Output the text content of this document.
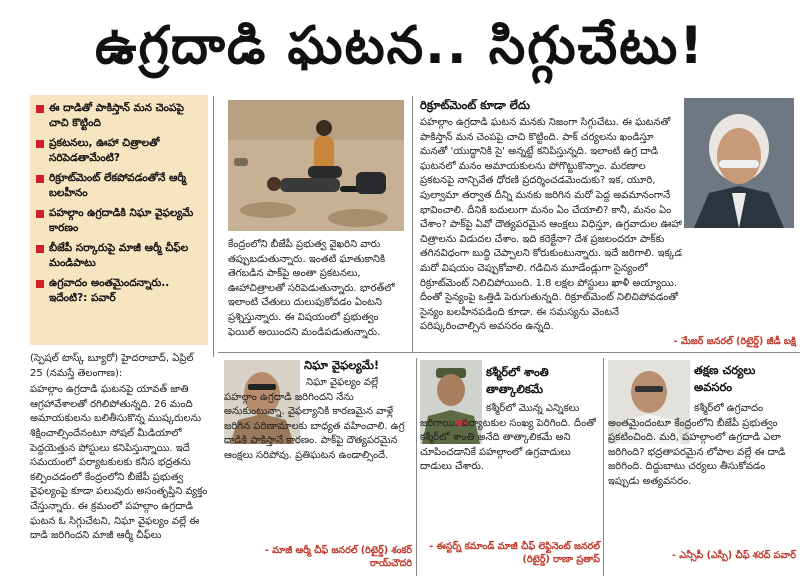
ఉగ్రదాడి ఘటన.. సిగ్గుచేటు!
ఈ దాడితో పాకిస్తాన్ మన చెంపపై చాచి కొట్టింది
ప్రకటనలు, ఊహా చిత్రాలతో సరిపెడతామేంటి?
రిక్రూట్‌మెంట్ లేకపోవడంతోనే ఆర్మీ బలహీనం
పహల్గాం ఉగ్రదాడికి నిఘా వైఫల్యమే కారణం
బీజేపీ సర్కారుపై మాజీ ఆర్మీ చీఫ్‌ల మండిపాటు
ఉగ్రవాదం అంతమైందన్నారు.. ఇదేంటి?: పవార్
(స్పెషల్ టాస్క్ బ్యూరో) హైదరాబాద్, ఏప్రిల్ 25 (నమస్తే తెలంగాణ):
పహల్గాం ఉగ్రదాడి ఘటనపై యావత్ జాతి ఆగ్రహావేశాలతో రగిలిపోతున్నది. 26 మంది అమాయకులను బలితీసుకొన్న ముష్కరులను శిక్షించాల్సిందేనంటూ సోషల్ మీడియాలో పెద్దయెత్తున పోస్టులు కనిపిస్తున్నాయి. ఇదే సమయంలో పర్యాటకులకు కనీస భద్రతను కల్పించడంలో కేంద్రంలోని బీజేపీ ప్రభుత్వ వైఫల్యంపై కూడా పలువురు అసంతృప్తిని వ్యక్తం చేస్తున్నారు. ఈ క్రమంలో పహల్గాం ఉగ్రదాడి ఘటన ఓ సిగ్గుచేటని, నిఘా వైఫల్యం వల్లే ఈ దాడి జరిగిందని మాజీ ఆర్మీ చీఫ్‌లు
కేంద్రంలోని బీజేపీ ప్రభుత్వ వైఖరిని వారు తప్పుబడుతున్నారు. ఇంతటి ఘాతుకానికి తెగబడిన పాక్‌పై అంతా ప్రకటనలు, ఊహాచిత్రాలతో సరిపెడుతున్నారు. భారత్‌లో ఇలాంటి చేతులు దులుపుకోవడం ఏంటని ప్రశ్నిస్తున్నారు. ఈ విషయంలో ప్రభుత్వం ఫెయిల్ అయిందని మండిపడుతున్నారు.
రిక్రూట్‌మెంట్ కూడా లేదు
పహల్గాం ఉగ్రదాడి ఘటన మనకు నిజంగా సిగ్గుచేటు. ఈ ఘటనతో పాకిస్తాన్ మన చెంపపై చాచి కొట్టింది. పాక్ చర్యలను ఖండిస్తూ మనతో 'యుద్ధానికి సై' అన్నట్టే కనిపిస్తున్నది. ఇలాంటి ఉగ్ర దాడి ఘటనలో మనం అమాయకులను పోగొట్టుకొన్నాం. మరణాల ప్రకటనపై నాన్చివేత ధోరణి ప్రదర్శించడమెందుకు? ఇక, యూరి, పుల్వామా తర్వాత దీన్ని మనకు జరిగిన మరో పెద్ద అవమానంగానే భావించాలి. దీనికి బదులుగా మనం ఏం చేయాలి? కానీ, మనం ఏం చేశాం? పాక్‌పై ఏవో దౌత్యపరమైన ఆంక్షలు విధిస్తూ, ఉగ్రవాదుల ఊహా చిత్రాలను విడుదల చేశాం. ఇది కరెక్టేనా? దేశ ప్రజలందరూ పాక్‌కు తగినవిధంగా బుద్ధి చెప్పాలని కోరుకుంటున్నారు. ఇదే జరిగాలి. ఇక్కడ మరో విషయం చెప్పుకోవాలి. గడిచిన మూడేండ్లుగా సైన్యంలో రిక్రూట్‌మెంట్ నిలిచిపోయింది. 1.8 లక్షల పోస్టులు ఖాళీ అయ్యాయి. దీంతో సైన్యంపై ఒత్తిడి పెరుగుతున్నది. రిక్రూట్‌మెంట్ నిలిచిపోవడంతో సైన్యం బలహీనపడింది కూడా. ఈ సమస్యను వెంటనే పరిష్కరించాల్సిన అవసరం ఉన్నది.
- మేజర్ జనరల్ (రిటైర్డ్) జీడీ బక్షి
నిఘా వైఫల్యమే!
నిఘా వైఫల్యం వల్లే పహల్గాం ఉగ్రదాడి జరిగిందని నేను అనుకుంటున్నా. వైఫల్యానికి కారణమైన వాళ్లే జరిగిన పరిణామాలకు బాధ్యత వహించాలి. ఉగ్ర దాడికి పాకిస్తానే కారణం. పాక్‌పై దౌత్యపరమైన ఆంక్షలు సరిపోవు. ప్రతిఘటన ఉండాల్సిందే.
- మాజీ ఆర్మీ చీఫ్ జనరల్ (రిటైర్డ్) శంకర్ రాయ్‌చౌదరి
కశ్మీర్‌లో శాంతి తాత్కాలికమే
కశ్మీర్‌లో మొన్న ఎన్నికలు జరిగాయి. పర్యాటకుల సంఖ్య పెరిగింది. దీంతో కశ్మీర్‌లో శాంతి అనేది తాత్కాలికమే అని చూపించడానికే పహల్గాంలో ఉగ్రవాదులు దాడులు చేశారు.
- ఈస్టర్న్ కమాండ్ మాజీ చీఫ్ లెఫ్టినెంట్ జనరల్ (రిటైర్డ్) రాణా ప్రతాప్
తక్షణ చర్యలు అవసరం
కశ్మీర్‌లో ఉగ్రవాదం అంతమైందంటూ కేంద్రంలోని బీజేపీ ప్రభుత్వం ప్రకటించింది. మరి, పహల్గాంలో ఉగ్రదాడి ఎలా జరిగింది? భద్రతాపరమైన లోపాల వల్లే ఈ దాడి జరిగింది. దిద్దుబాటు చర్యలు తీసుకోవడం ఇప్పుడు అత్యవసరం.
- ఎన్సీపీ (ఎస్పీ) చీఫ్ శరద్ పవార్
